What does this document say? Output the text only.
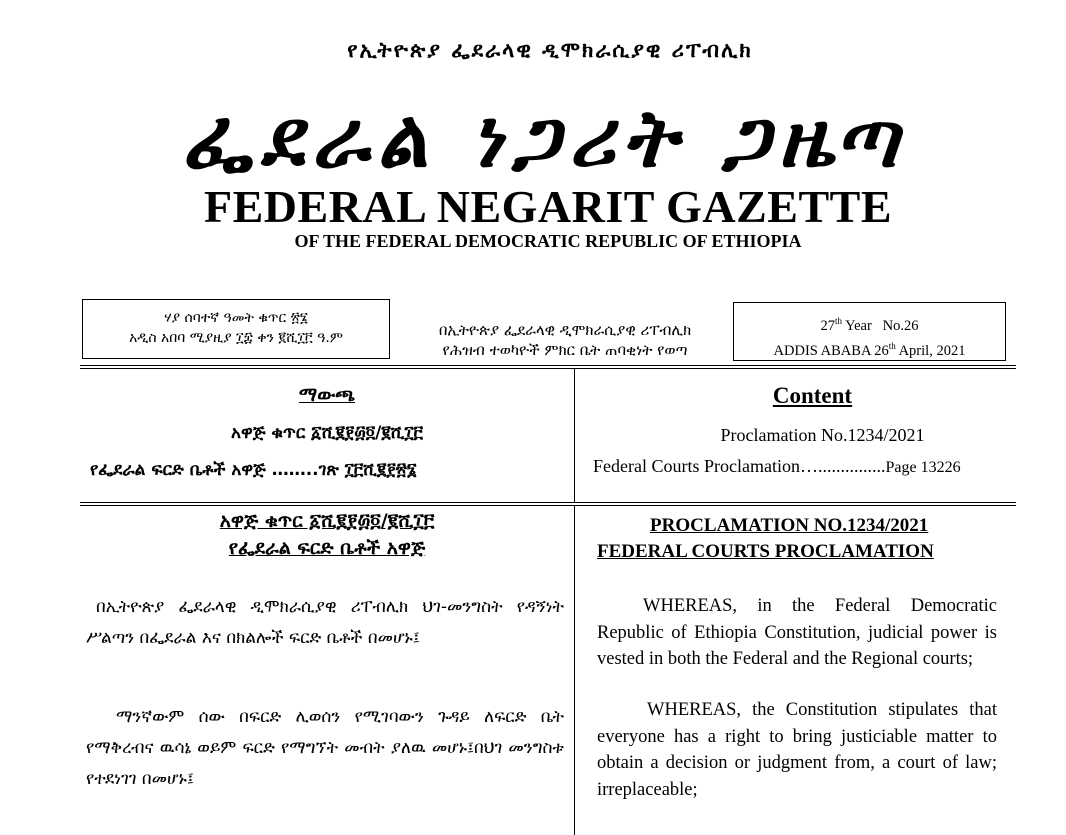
የኢትዮጵያ ፌደራላዊ ዲሞክራሲያዊ ሪፐብሊክ
ፌደራል ነጋሪት ጋዜጣ
FEDERAL NEGARIT GAZETTE
OF THE FEDERAL DEMOCRATIC REPUBLIC OF ETHIOPIA
ሃያ ሰባተኛ ዓመት ቁጥር ፳፮
አዲስ አበባ ሚያዚያ ፲፰ ቀን ፪ሺ፲፫ ዓ.ም	በኢትዮጵያ ፌደራላዊ ዲሞክራሲያዊ ሪፐብሊክ
የሕዝብ ተወካዮች ምክር ቤት ጠባቂነት የወጣ
27th Year   No.26
ADDIS ABABA 26th April, 2021
ማውጫ
አዋጅ ቁጥር ፩ሺ፪፻፴፬/፪ሺ፲፫
የፌደራል ፍርድ ቤቶች አዋጅ ……..ገጽ ፲፫ሺ፪፻፳፮
Content
Proclamation No.1234/2021
Federal Courts Proclamation…...............Page 13226
አዋጅ ቁጥር ፩ሺ፪፻፴፬/፪ሺ፲፫
የፌደራል ፍርድ ቤቶች አዋጅ
በኢትዮጵያ ፌደራላዊ ዲሞክራሲያዊ ሪፐብሊክ ህገ-መንግስት የዳኝነት ሥልጣን በፌደራል እና በክልሎች ፍርድ ቤቶች በመሆኑ፤
ማንኛውም ሰው በፍርድ ሊወሰን የሚገባውን ጉዳይ ለፍርድ ቤት የማቅረብና ዉሳኔ ወይም ፍርድ የማግኘት መብት ያለዉ መሆኑ፤በህገ መንግስቱ የተደነገገ በመሆኑ፤
PROCLAMATION NO.1234/2021
FEDERAL COURTS PROCLAMATION
WHEREAS, in the Federal Democratic Republic of Ethiopia Constitution, judicial power is vested in both the Federal and the Regional courts;
WHEREAS, the Constitution stipulates that everyone has a right to bring justiciable matter to obtain a decision or judgment from, a court of law; irreplaceable;
